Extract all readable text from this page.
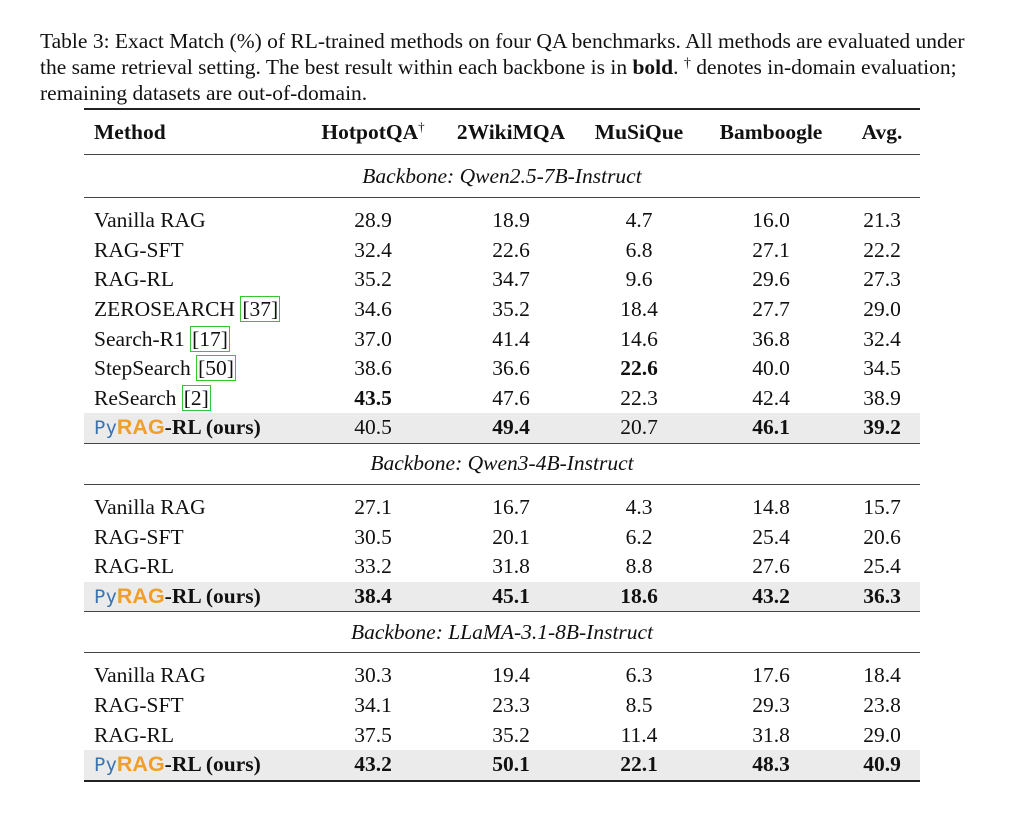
Table 3: Exact Match (%) of RL-trained methods on four QA benchmarks. All methods are evaluated under the same retrieval setting. The best result within each backbone is in bold. † denotes in-domain evaluation; remaining datasets are out-of-domain.
Method	HotpotQA†	2WikiMQA	MuSiQue	Bamboogle	Avg.
Backbone: Qwen2.5-7B-Instruct					
Vanilla RAG	28.9	18.9	4.7	16.0	21.3
RAG-SFT	32.4	22.6	6.8	27.1	22.2
RAG-RL	35.2	34.7	9.6	29.6	27.3
ZEROSEARCH [37]	34.6	35.2	18.4	27.7	29.0
Search-R1 [17]	37.0	41.4	14.6	36.8	32.4
StepSearch [50]	38.6	36.6	22.6	40.0	34.5
ReSearch [2]	43.5	47.6	22.3	42.4	38.9
PyRAG-RL (ours)	40.5	49.4	20.7	46.1	39.2
Backbone: Qwen3-4B-Instruct					
Vanilla RAG	27.1	16.7	4.3	14.8	15.7
RAG-SFT	30.5	20.1	6.2	25.4	20.6
RAG-RL	33.2	31.8	8.8	27.6	25.4
PyRAG-RL (ours)	38.4	45.1	18.6	43.2	36.3
Backbone: LLaMA-3.1-8B-Instruct					
Vanilla RAG	30.3	19.4	6.3	17.6	18.4
RAG-SFT	34.1	23.3	8.5	29.3	23.8
RAG-RL	37.5	35.2	11.4	31.8	29.0
PyRAG-RL (ours)	43.2	50.1	22.1	48.3	40.9
